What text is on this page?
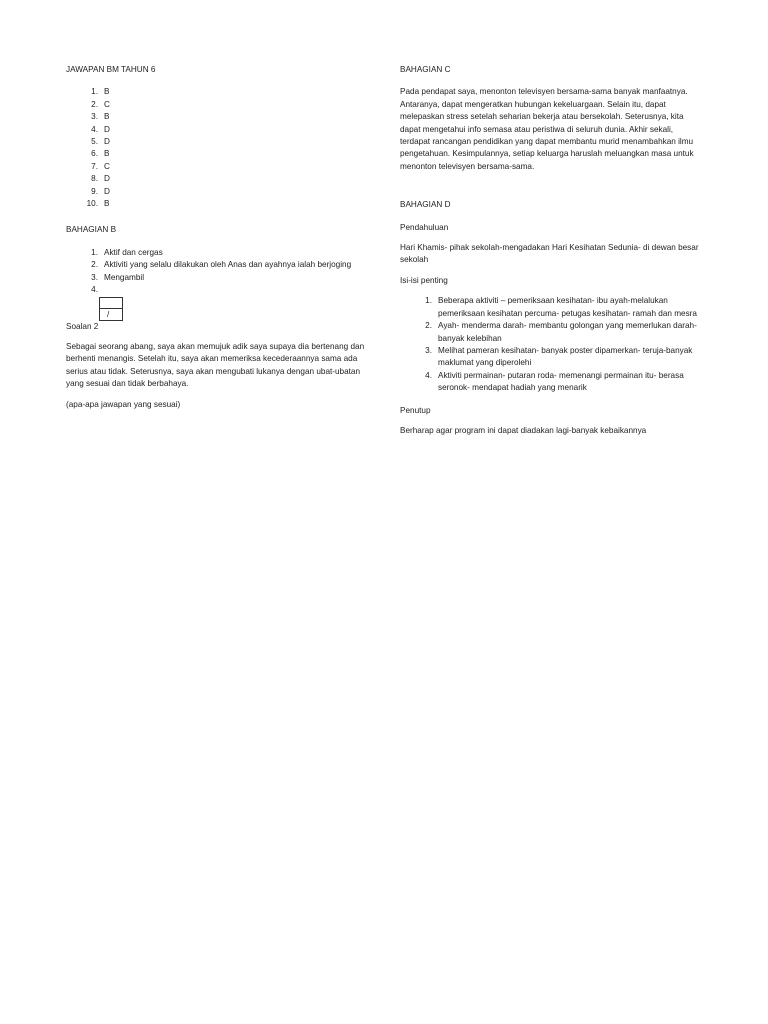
JAWAPAN BM TAHUN 6
1. B
2. C
3. B
4. D
5. D
6. B
7. C
8. D
9. D
10. B
BAHAGIAN B
1. Aktif dan cergas
2. Aktiviti yang selalu dilakukan oleh Anas dan ayahnya ialah berjoging
3. Mengambil
4.
/
Soalan 2

Sebagai seorang abang, saya akan memujuk adik saya supaya dia bertenang dan berhenti menangis. Setelah itu, saya akan memeriksa kecederaannya sama ada serius atau tidak. Seterusnya, saya akan mengubati lukanya dengan ubat-ubatan yang sesuai dan tidak berbahaya.

(apa-apa jawapan yang sesuai)

BAHAGIAN C

Pada pendapat saya, menonton televisyen bersama-sama banyak manfaatnya. Antaranya, dapat mengeratkan hubungan kekeluargaan. Selain itu, dapat melepaskan stress setelah seharian bekerja atau bersekolah. Seterusnya, kita dapat mengetahui info semasa atau peristiwa di seluruh dunia. Akhir sekali, terdapat rancangan pendidikan yang dapat membantu murid menambahkan ilmu pengetahuan. Kesimpulannya, setiap keluarga haruslah meluangkan masa untuk menonton televisyen bersama-sama.

BAHAGIAN D

Pendahuluan

Hari Khamis- pihak sekolah-mengadakan Hari Kesihatan Sedunia- di dewan besar sekolah

Isi-isi penting

1. Beberapa aktiviti – pemeriksaan kesihatan- ibu ayah-melalukan pemeriksaan kesihatan percuma- petugas kesihatan- ramah dan mesra
2. Ayah- menderma darah- membantu golongan yang memerlukan darah- banyak kelebihan
3. Melihat pameran kesihatan- banyak poster dipamerkan- teruja-banyak maklumat yang diperolehi
4. Aktiviti permainan- putaran roda- memenangi permainan itu- berasa seronok- mendapat hadiah yang menarik

Penutup

Berharap agar program ini dapat diadakan lagi-banyak kebaikannya
